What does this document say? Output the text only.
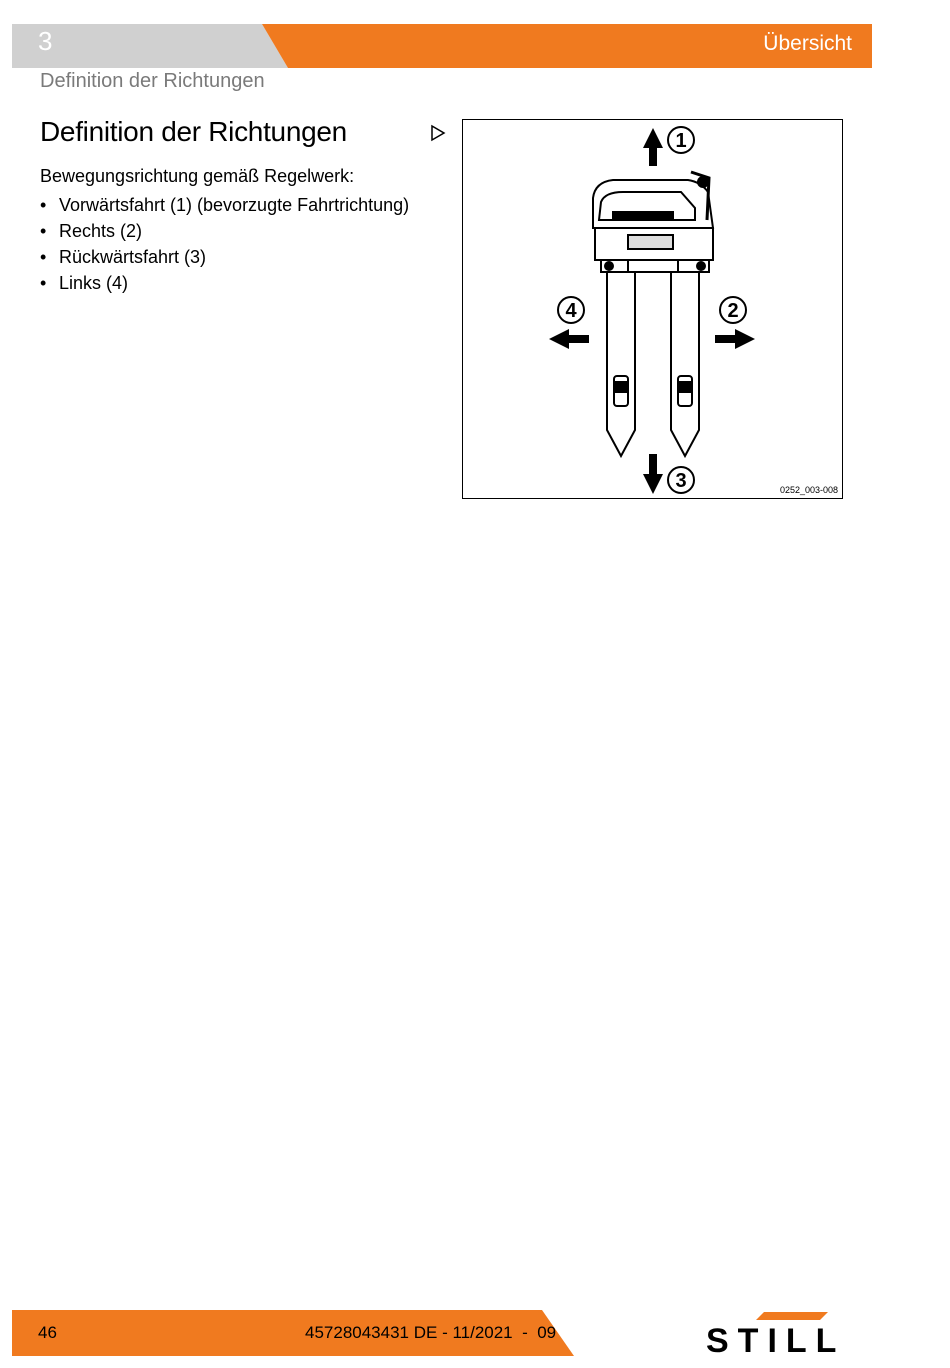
3	Übersicht
Definition der Richtungen
Definition der Richtungen

Bewegungsrichtung gemäß Regelwerk:

• Vorwärtsfahrt (1) (bevorzugte Fahrtrichtung)
• Rechts (2)
• Rückwärtsfahrt (3)
• Links (4)
1
4	2
3	0252_003-008
46	45728043431 DE - 11/2021  -  09	STILL
